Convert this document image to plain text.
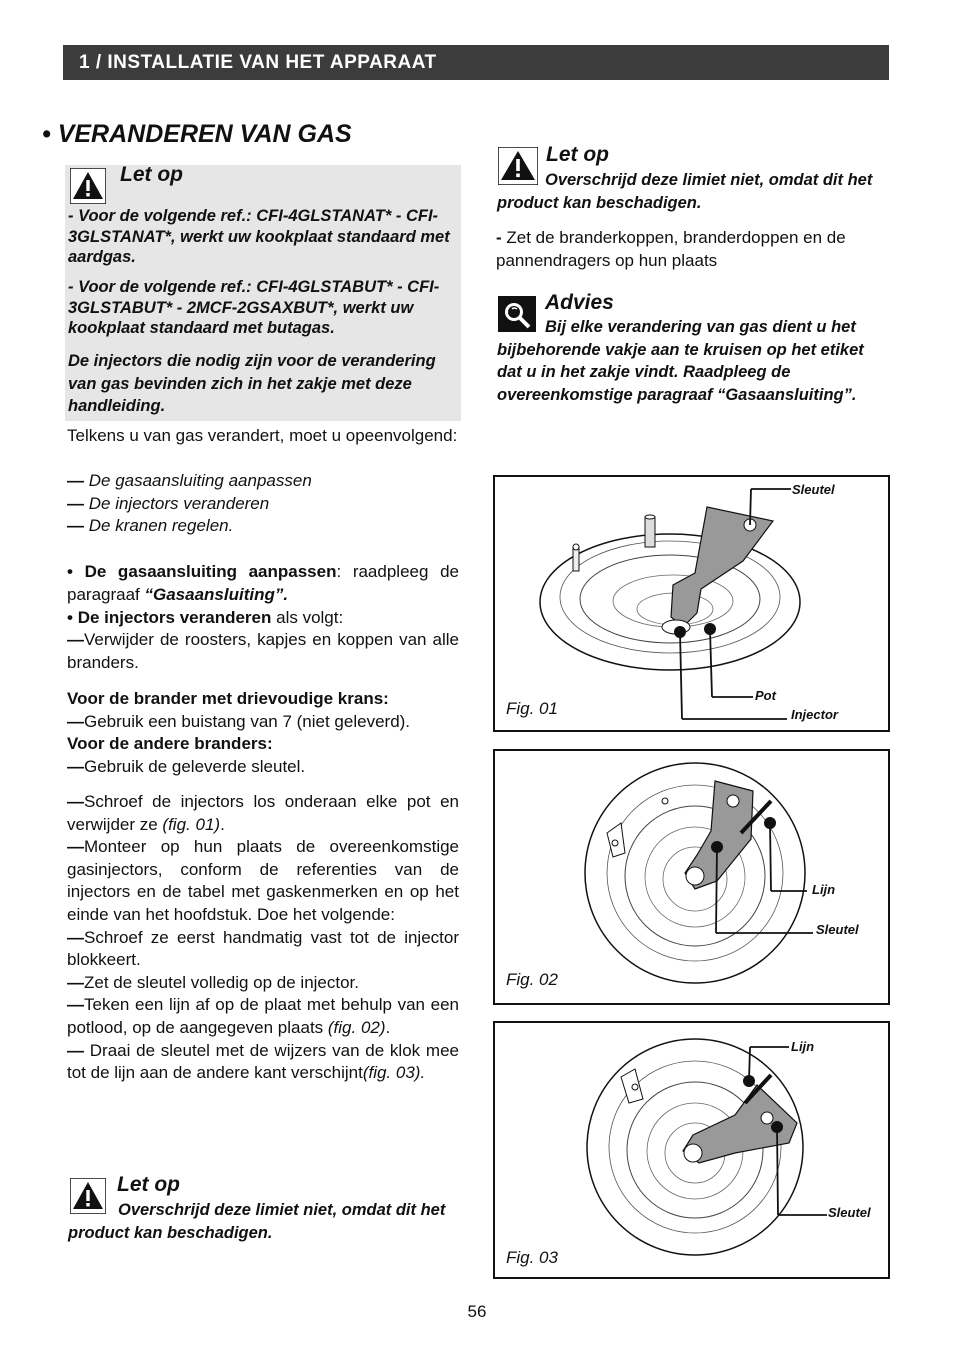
1 / INSTALLATIE VAN HET APPARAAT
• VERANDEREN VAN GAS
Let op
- Voor de volgende ref.: CFI-4GLSTANAT* - CFI-3GLSTANAT*, werkt uw kookplaat standaard met aardgas.
- Voor de volgende ref.: CFI-4GLSTABUT* - CFI-3GLSTABUT* - 2MCF-2GSAXBUT*, werkt uw kookplaat standaard met butagas.
De injectors die nodig zijn voor de verandering van gas bevinden zich in het zakje met deze handleiding.
Telkens u van gas verandert, moet u opeenvolgend:

— De gasaansluiting aanpassen

— De injectors veranderen

— De kranen regelen.

• De gasaansluiting aanpassen: raadpleeg de paragraaf “Gasaansluiting”.
• De injectors veranderen als volgt:
—Verwijder de roosters, kapjes en koppen van alle branders.

Voor de brander met drievoudige krans:

—Gebruik een buistang van 7 (niet geleverd).

Voor de andere branders:

—Gebruik de geleverde sleutel.

—Schroef de injectors los onderaan elke pot en verwijder ze (fig. 01).

—Monteer op hun plaats de overeenkomstige gasinjectors, conform de referenties van de injectors en de tabel met gaskenmerken en op het einde van het hoofdstuk. Doe het volgende:

—Schroef ze eerst handmatig vast tot de injector blokkeert.

—Zet de sleutel volledig op de injector.

—Teken een lijn af op de plaat met behulp van een potlood, op de aangegeven plaats (fig. 02).

— Draai de sleutel met de wijzers van de klok mee tot de lijn aan de andere kant verschijnt(fig. 03).

Let op
Overschrijd deze limiet niet, omdat dit het product kan beschadigen.
Let op
Overschrijd deze limiet niet, omdat dit het product kan beschadigen.
- Zet de branderkoppen, branderdoppen en de pannendragers op hun plaats
Advies
Bij elke verandering van gas dient u het bijbehorende vakje aan te kruisen op het etiket dat u in het zakje vindt. Raadpleeg de overeenkomstige paragraaf “Gasaansluiting”.
Sleutel
Pot
Injector
Fig. 01
Lijn
Sleutel
Fig. 02
Lijn
Sleutel
Fig. 03
56
